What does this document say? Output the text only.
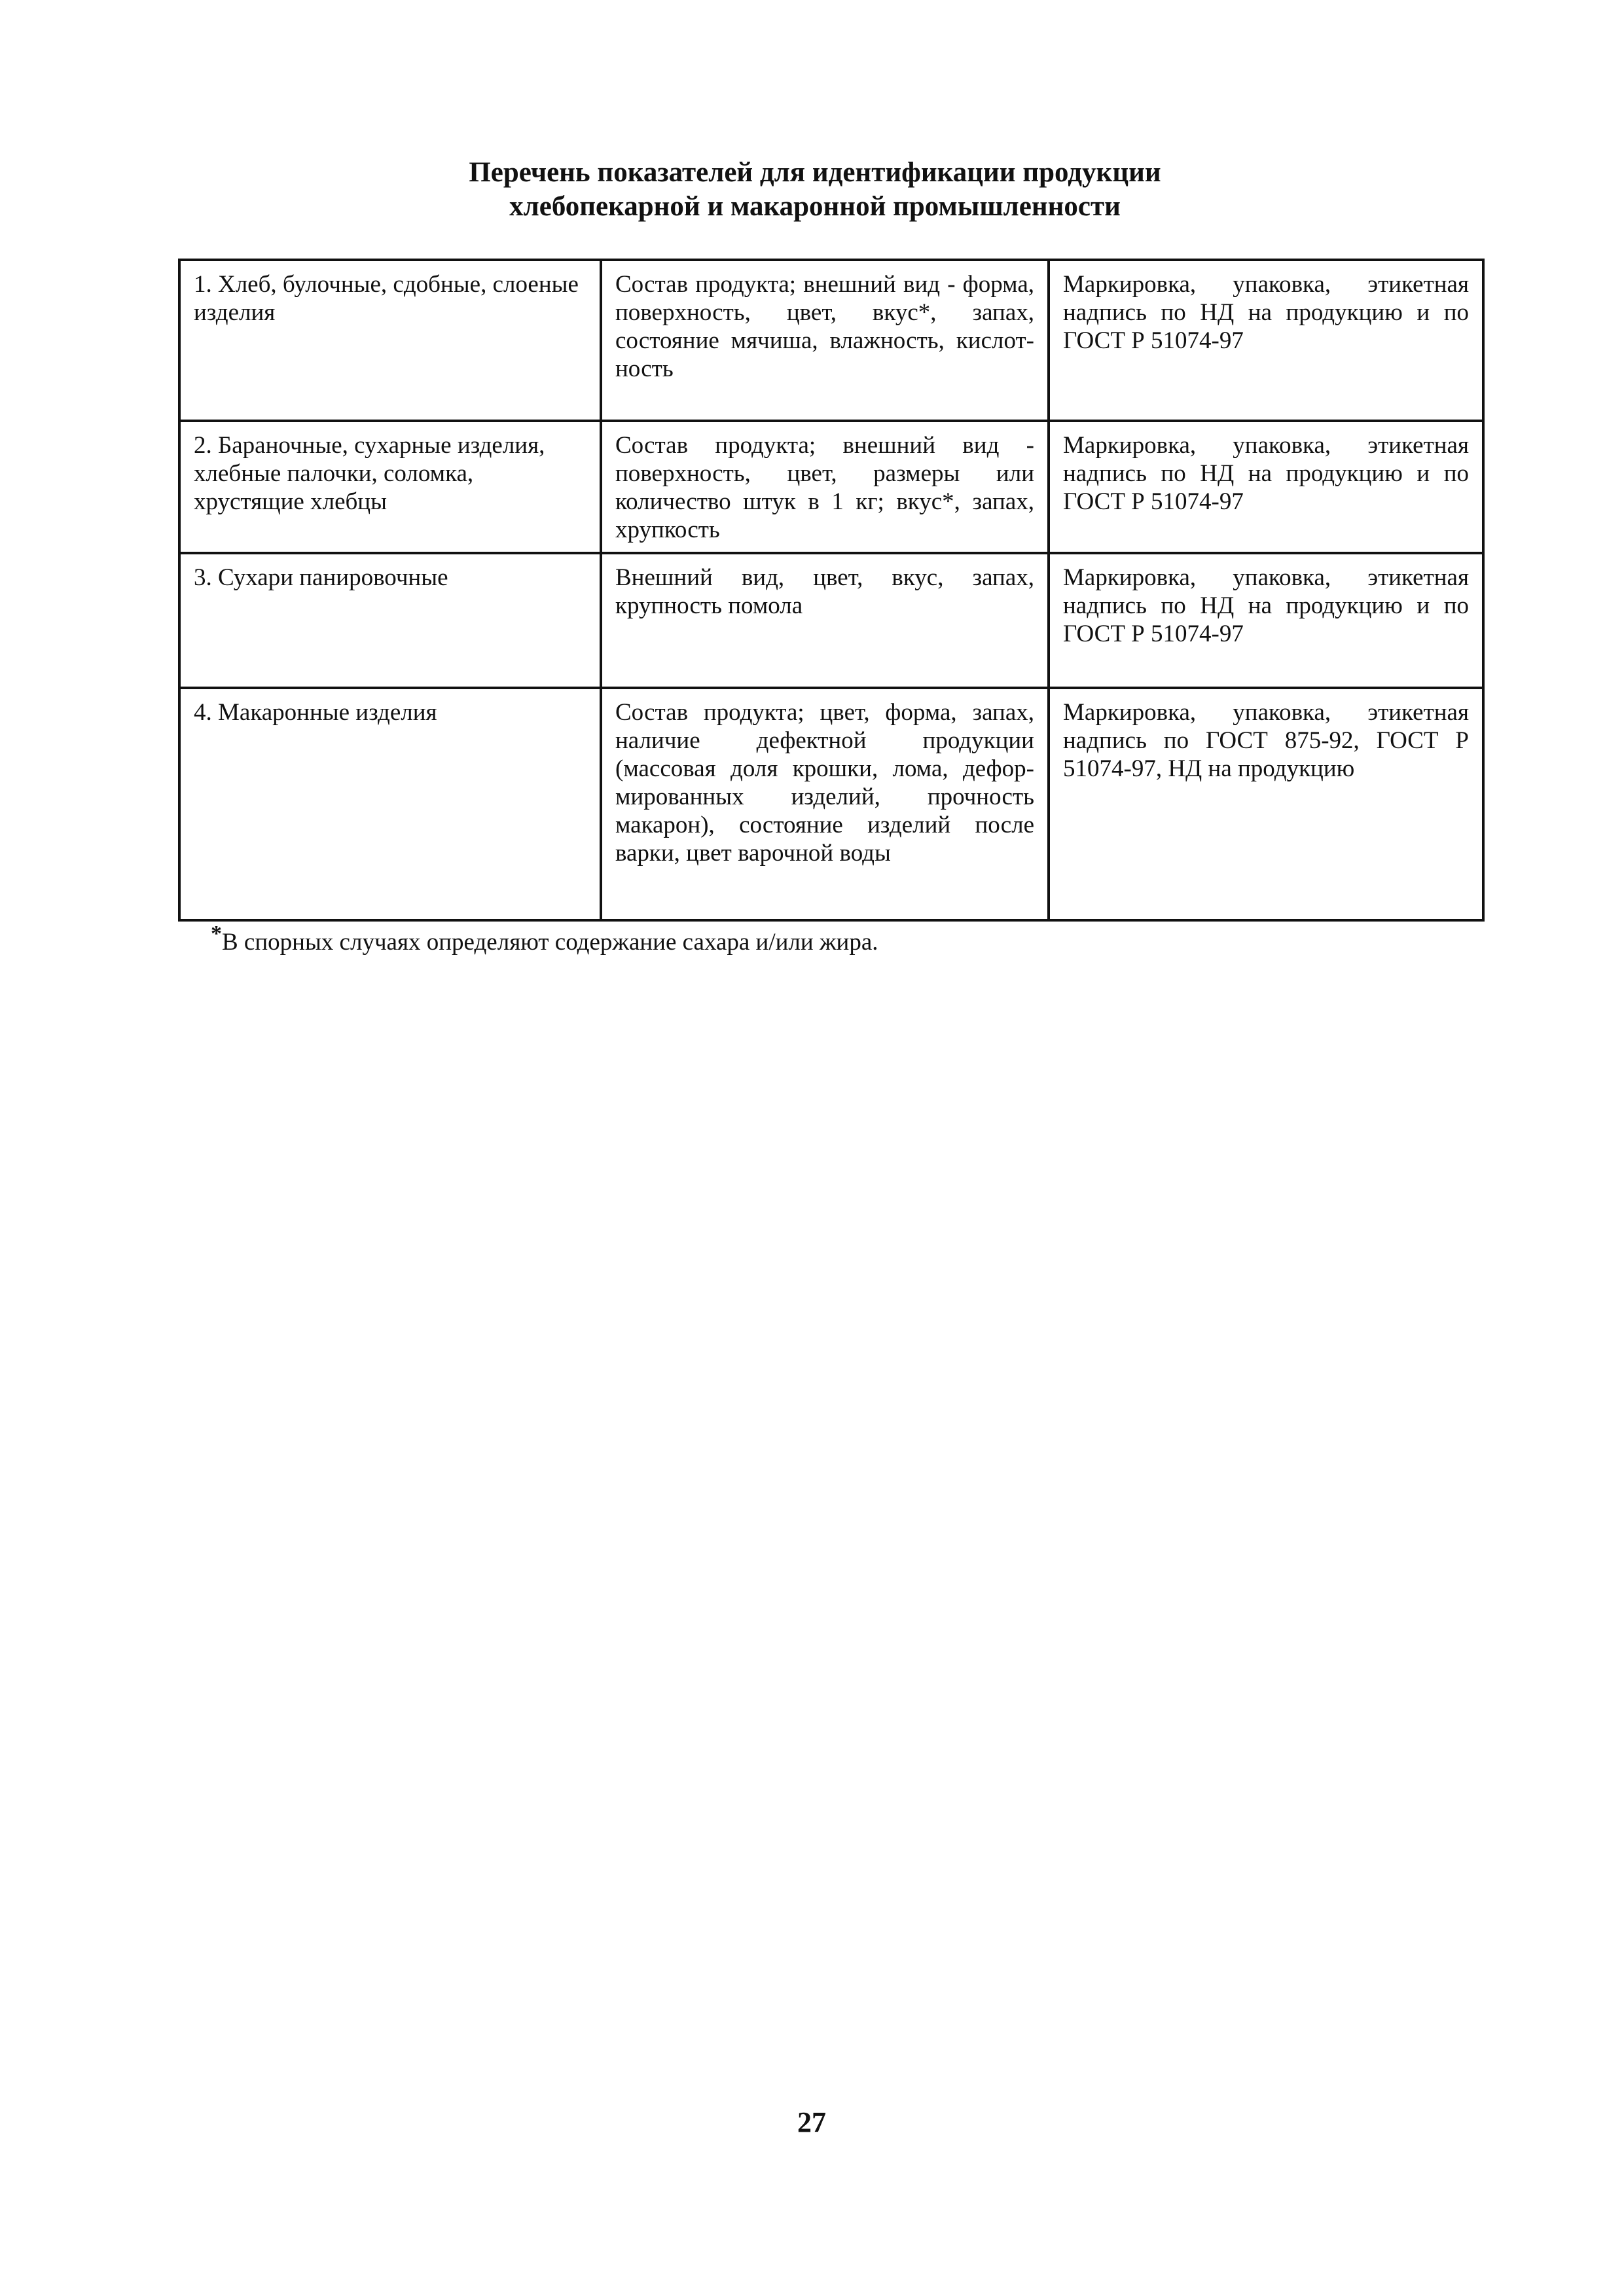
Перечень показателей для идентификации продукции
хлебопекарной и макаронной промышленности
1. Хлеб, булочные, сдобные, слоеные изделия	Состав продукта; внешний вид - форма, поверхность, цвет, вкус*, запах, состояние мячиша, влажность, кислотность	Маркировка, упаковка, этикетная надпись по НД на продукцию и по ГОСТ Р 51074-97
2. Бараночные, сухарные изделия, хлебные палочки, соломка, хрустящие хлебцы	Состав продукта; внешний вид - поверхность, цвет, размеры или количество штук в 1 кг; вкус*, запах, хрупкость	Маркировка, упаковка, этикетная надпись по НД на продукцию и по ГОСТ Р 51074-97
3. Сухари панировочные	Внешний вид, цвет, вкус, запах, крупность помола	Маркировка, упаковка, этикетная надпись по НД на продукцию и по ГОСТ Р 51074-97
4. Макаронные изделия	Состав продукта; цвет, форма, запах, наличие дефектной продукции (массовая доля крошки, лома, деформированных изделий, прочность макарон), состояние изделий после варки, цвет варочной воды	Маркировка, упаковка, этикетная надпись по ГОСТ 875-92, ГОСТ Р 51074-97, НД на продукцию
*В спорных случаях определяют содержание сахара и/или жира.
27
